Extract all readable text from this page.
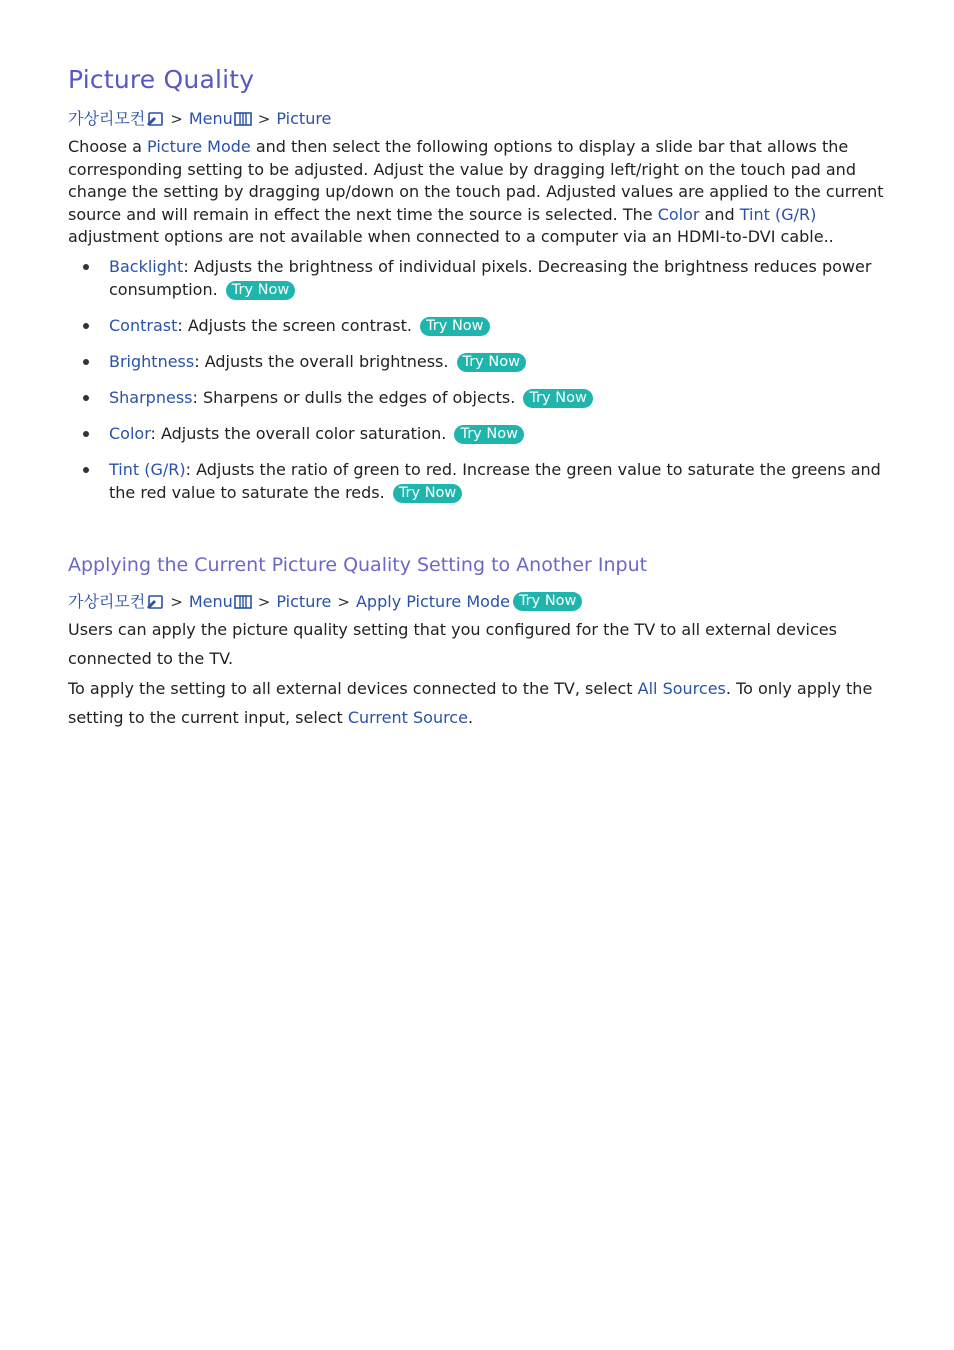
Picture Quality
가상리모컨 > Menu > Picture

Choose a Picture Mode and then select the following options to display a slide bar that allows the corresponding setting to be adjusted. Adjust the value by dragging left/right on the touch pad and change the setting by dragging up/down on the touch pad. Adjusted values are applied to the current source and will remain in effect the next time the source is selected. The Color and Tint (G/R) adjustment options are not available when connected to a computer via an HDMI-to-DVI cable..

Backlight: Adjusts the brightness of individual pixels. Decreasing the brightness reduces power consumption. Try Now
Contrast: Adjusts the screen contrast. Try Now
Brightness: Adjusts the overall brightness. Try Now
Sharpness: Sharpens or dulls the edges of objects. Try Now
Color: Adjusts the overall color saturation. Try Now
Tint (G/R): Adjusts the ratio of green to red. Increase the green value to saturate the greens and the red value to saturate the reds. Try Now
Applying the Current Picture Quality Setting to Another Input
가상리모컨 > Menu > Picture > Apply Picture Mode Try Now

Users can apply the picture quality setting that you configured for the TV to all external devices connected to the TV.

To apply the setting to all external devices connected to the TV, select All Sources. To only apply the setting to the current input, select Current Source.
